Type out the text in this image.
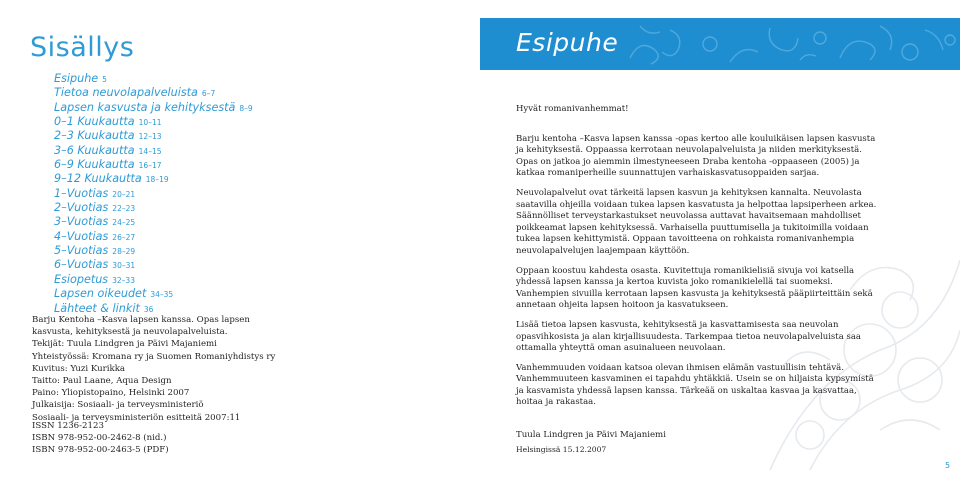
Sisällys
Esipuhe 5
Tietoa neuvolapalveluista 6–7
Lapsen kasvusta ja kehityksestä 8–9
0–1 Kuukautta 10–11
2–3 Kuukautta 12–13
3–6 Kuukautta 14–15
6–9 Kuukautta 16–17
9–12 Kuukautta 18–19
1–Vuotias 20–21
2–Vuotias 22–23
3–Vuotias 24–25
4–Vuotias 26–27
5–Vuotias 28–29
6–Vuotias 30–31
Esiopetus 32–33
Lapsen oikeudet 34–35
Lähteet & linkit 36
Barju Kentoha –Kasva lapsen kanssa. Opas lapsen kasvusta, kehityksestä ja neuvolapalveluista.
Tekijät: Tuula Lindgren ja Päivi Majaniemi
Yhteistyössä: Kromana ry ja Suomen Romaniyhdistys ry
Kuvitus: Yuzi Kurikka
Taitto: Paul Laane, Aqua Design
Paino: Yliopistopaino, Helsinki 2007
Julkaisija: Sosiaali- ja terveysministeriö
Sosiaali- ja terveysministeriön esitteitä 2007:11
ISSN 1236-2123
ISBN 978-952-00-2462-8 (nid.)
ISBN 978-952-00-2463-5 (PDF)
Esipuhe

Hyvät romanivanhemmat!

Barju kentoha –Kasva lapsen kanssa -opas kertoo alle kouluikäisen lapsen kasvusta ja kehityksestä. Oppaassa kerrotaan neuvolapalveluista ja niiden merkityksestä. Opas on jatkoa jo aiemmin ilmestyneeseen Draba kentoha -oppaaseen (2005) ja katkaa romaniperheille suunnattujen varhaiskasvatusoppaiden sarjaa.

Neuvolapalvelut ovat tärkeitä lapsen kasvun ja kehityksen kannalta. Neuvolasta saatavilla ohjeilla voidaan tukea lapsen kasvatusta ja helpottaa lapsiperheen arkea. Säännölliset terveystarkastukset neuvolassa auttavat havaitsemaan mahdolliset poikkeamat lapsen kehityksessä. Varhaisella puuttumisella ja tukitoimilla voidaan tukea lapsen kehittymistä. Oppaan tavoitteena on rohkaista romanivanhempia neuvolapalvelujen laajempaan käyttöön.

Oppaan koostuu kahdesta osasta. Kuvitettuja romanikielisiä sivuja voi katsella yhdessä lapsen kanssa ja kertoa kuvista joko romanikielellä tai suomeksi. Vanhempien sivuilla kerrotaan lapsen kasvusta ja kehityksestä pääpiirteittäin sekä annetaan ohjeita lapsen hoitoon ja kasvatukseen.

Lisää tietoa lapsen kasvusta, kehityksestä ja kasvattamisesta saa neuvolan opasvihkosista ja alan kirjallisuudesta. Tarkempaa tietoa neuvolapalveluista saa ottamalla yhteyttä oman asuinalueen neuvolaan.

Vanhemmuuden voidaan katsoa olevan ihmisen elämän vastuullisin tehtävä. Vanhemmuuteen kasvaminen ei tapahdu yhtäkkiä. Usein se on hiljaista kypsymistä ja kasvamista yhdessä lapsen kanssa. Tärkeää on uskaltaa kasvaa ja kasvattaa, hoitaa ja rakastaa.

Tuula Lindgren ja Päivi Majaniemi
Helsingissä 15.12.2007
5
